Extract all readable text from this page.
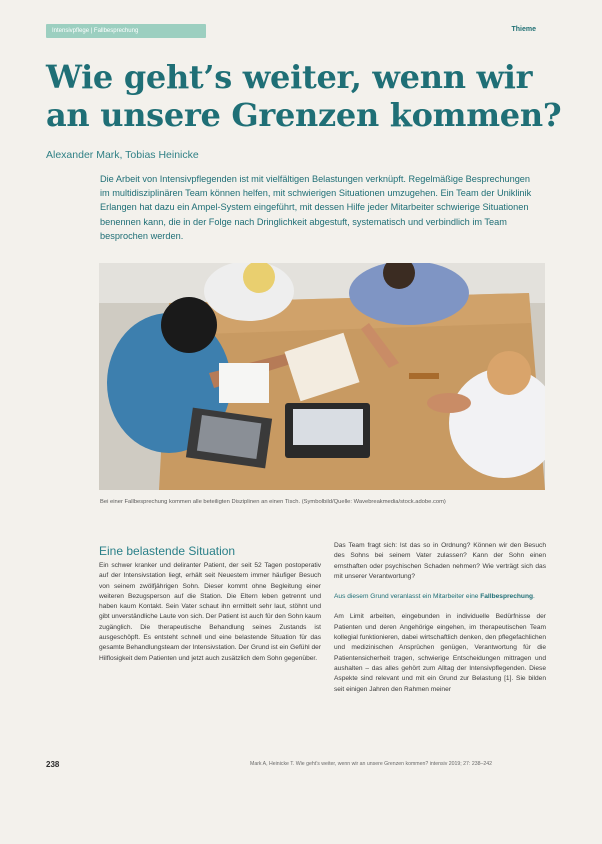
Intensivpflege | Fallbesprechung	Thieme
Wie geht’s weiter, wenn wir an unsere Grenzen kommen?
Alexander Mark, Tobias Heinicke

Die Arbeit von Intensivpflegenden ist mit vielfältigen Belastungen verknüpft. Regelmäßige Besprechungen im multidisziplinären Team können helfen, mit schwierigen Situationen umzugehen. Ein Team der Uniklinik Erlangen hat dazu ein Ampel-System eingeführt, mit dessen Hilfe jeder Mitarbeiter schwierige Situationen benennen kann, die in der Folge nach Dringlichkeit abgestuft, systematisch und verbindlich im Team besprochen werden.

Bei einer Fallbesprechung kommen alle beteiligten Disziplinen an einen Tisch. (Symbolbild/Quelle: Wavebreakmedia/stock.adobe.com)
Eine belastende Situation

Ein schwer kranker und deliranter Patient, der seit 52 Tagen postoperativ auf der Intensivstation liegt, erhält seit Neuestem immer häufiger Besuch von seinem zwölfjährigen Sohn. Dieser kommt ohne Begleitung einer weiteren Bezugsperson auf die Station. Die Eltern leben getrennt und haben kaum Kontakt. Sein Vater schaut ihn ermittelt sehr laut, stöhnt und gibt unverständliche Laute von sich. Der Patient ist auch für den Sohn kaum zugänglich. Die therapeutische Behandlung seines Zustands ist ausgeschöpft. Es entsteht schnell und eine belastende Situation für das gesamte Behandlungsteam der Intensivstation. Der Grund ist ein Gefühl der Hilflosigkeit dem Patienten und jetzt auch zusätzlich dem Sohn gegenüber.

Das Team fragt sich: Ist das so in Ordnung? Können wir den Besuch des Sohns bei seinem Vater zulassen? Kann der Sohn einen ernsthaften oder psychischen Schaden nehmen? Wie verträgt sich das mit unserer Verantwortung?

Aus diesem Grund veranlasst ein Mitarbeiter eine Fallbesprechung.

Am Limit arbeiten, eingebunden in individuelle Bedürfnisse der Patienten und deren Angehörige eingehen, im therapeutischen Team kollegial funktionieren, dabei wirtschaftlich denken, den pflegefachlichen und medizinischen Ansprüchen genügen, Verantwortung für die Patientensicherheit tragen, schwierige Entscheidungen mittragen und aushalten – das alles gehört zum Alltag der Intensivpflegenden. Diese Aspekte sind relevant und mit ein Grund zur Belastung [1]. Sie bilden seit einigen Jahren den Rahmen meiner

238	Mark A, Heinicke T. Wie geht’s weiter, wenn wir an unsere Grenzen kommen? intensiv 2019; 27: 238–242
